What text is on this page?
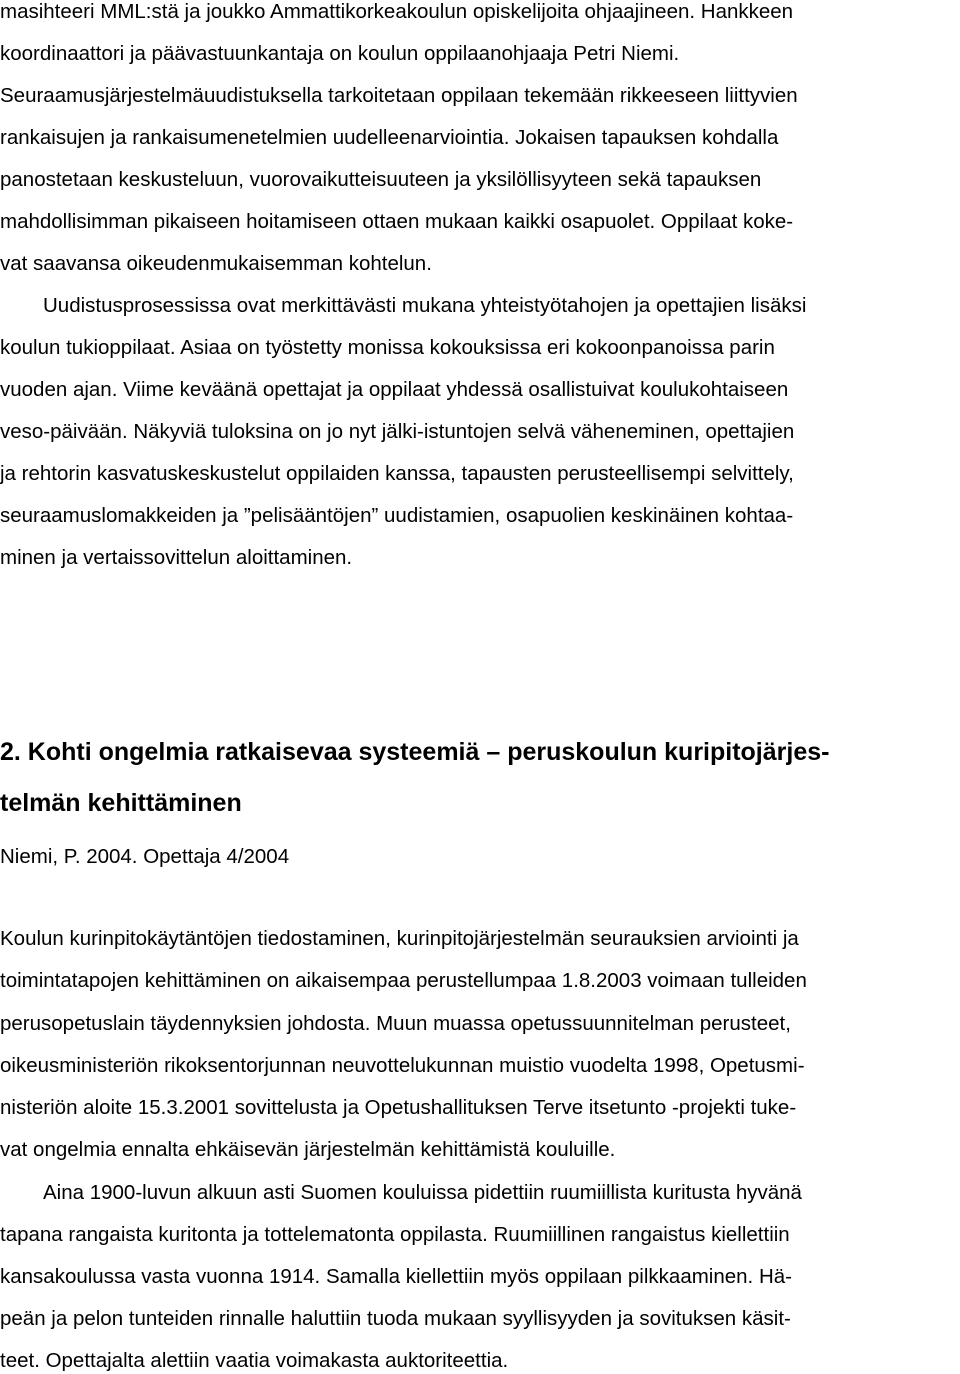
masihteeri MML:stä ja joukko Ammattikorkeakoulun opiskelijoita ohjaajineen. Hankkeen
koordinaattori ja päävastuunkantaja on koulun oppilaanohjaaja Petri Niemi.
Seuraamusjärjestelmäuudistuksella tarkoitetaan oppilaan tekemään rikkeeseen liittyvien
rankaisujen ja rankaisumenetelmien uudelleenarviointia. Jokaisen tapauksen kohdalla
panostetaan keskusteluun, vuorovaikutteisuuteen ja yksilöllisyyteen sekä tapauksen
mahdollisimman pikaiseen hoitamiseen ottaen mukaan kaikki osapuolet. Oppilaat koke-
vat saavansa oikeudenmukaisemman kohtelun.
Uudistusprosessissa ovat merkittävästi mukana yhteistyötahojen ja opettajien lisäksi
koulun tukioppilaat. Asiaa on työstetty monissa kokouksissa eri kokoonpanoissa parin
vuoden ajan. Viime keväänä opettajat ja oppilaat yhdessä osallistuivat koulukohtaiseen
veso-päivään. Näkyviä tuloksina on jo nyt jälki-istuntojen selvä väheneminen, opettajien
ja rehtorin kasvatuskeskustelut oppilaiden kanssa, tapausten perusteellisempi selvittely,
seuraamuslomakkeiden ja ”pelisääntöjen” uudistamien, osapuolien keskinäinen kohtaa-
minen ja vertaissovittelun aloittaminen.
2. Kohti ongelmia ratkaisevaa systeemiä – peruskoulun kuripitojärjes-
telmän kehittäminen
Niemi, P. 2004. Opettaja 4/2004
Koulun kurinpitokäytäntöjen tiedostaminen, kurinpitojärjestelmän seurauksien arviointi ja
toimintatapojen kehittäminen on aikaisempaa perustellumpaa 1.8.2003 voimaan tulleiden
perusopetuslain täydennyksien johdosta. Muun muassa opetussuunnitelman perusteet,
oikeusministeriön rikoksentorjunnan neuvottelukunnan muistio vuodelta 1998, Opetusmi-
nisteriön aloite 15.3.2001 sovittelusta ja Opetushallituksen Terve itsetunto -projekti tuke-
vat ongelmia ennalta ehkäisevän järjestelmän kehittämistä kouluille.
Aina 1900-luvun alkuun asti Suomen kouluissa pidettiin ruumiillista kuritusta hyvänä
tapana rangaista kuritonta ja tottelematonta oppilasta. Ruumiillinen rangaistus kiellettiin
kansakoulussa vasta vuonna 1914. Samalla kiellettiin myös oppilaan pilkkaaminen. Hä-
peän ja pelon tunteiden rinnalle haluttiin tuoda mukaan syyllisyyden ja sovituksen käsit-
teet. Opettajalta alettiin vaatia voimakasta auktoriteettia.
